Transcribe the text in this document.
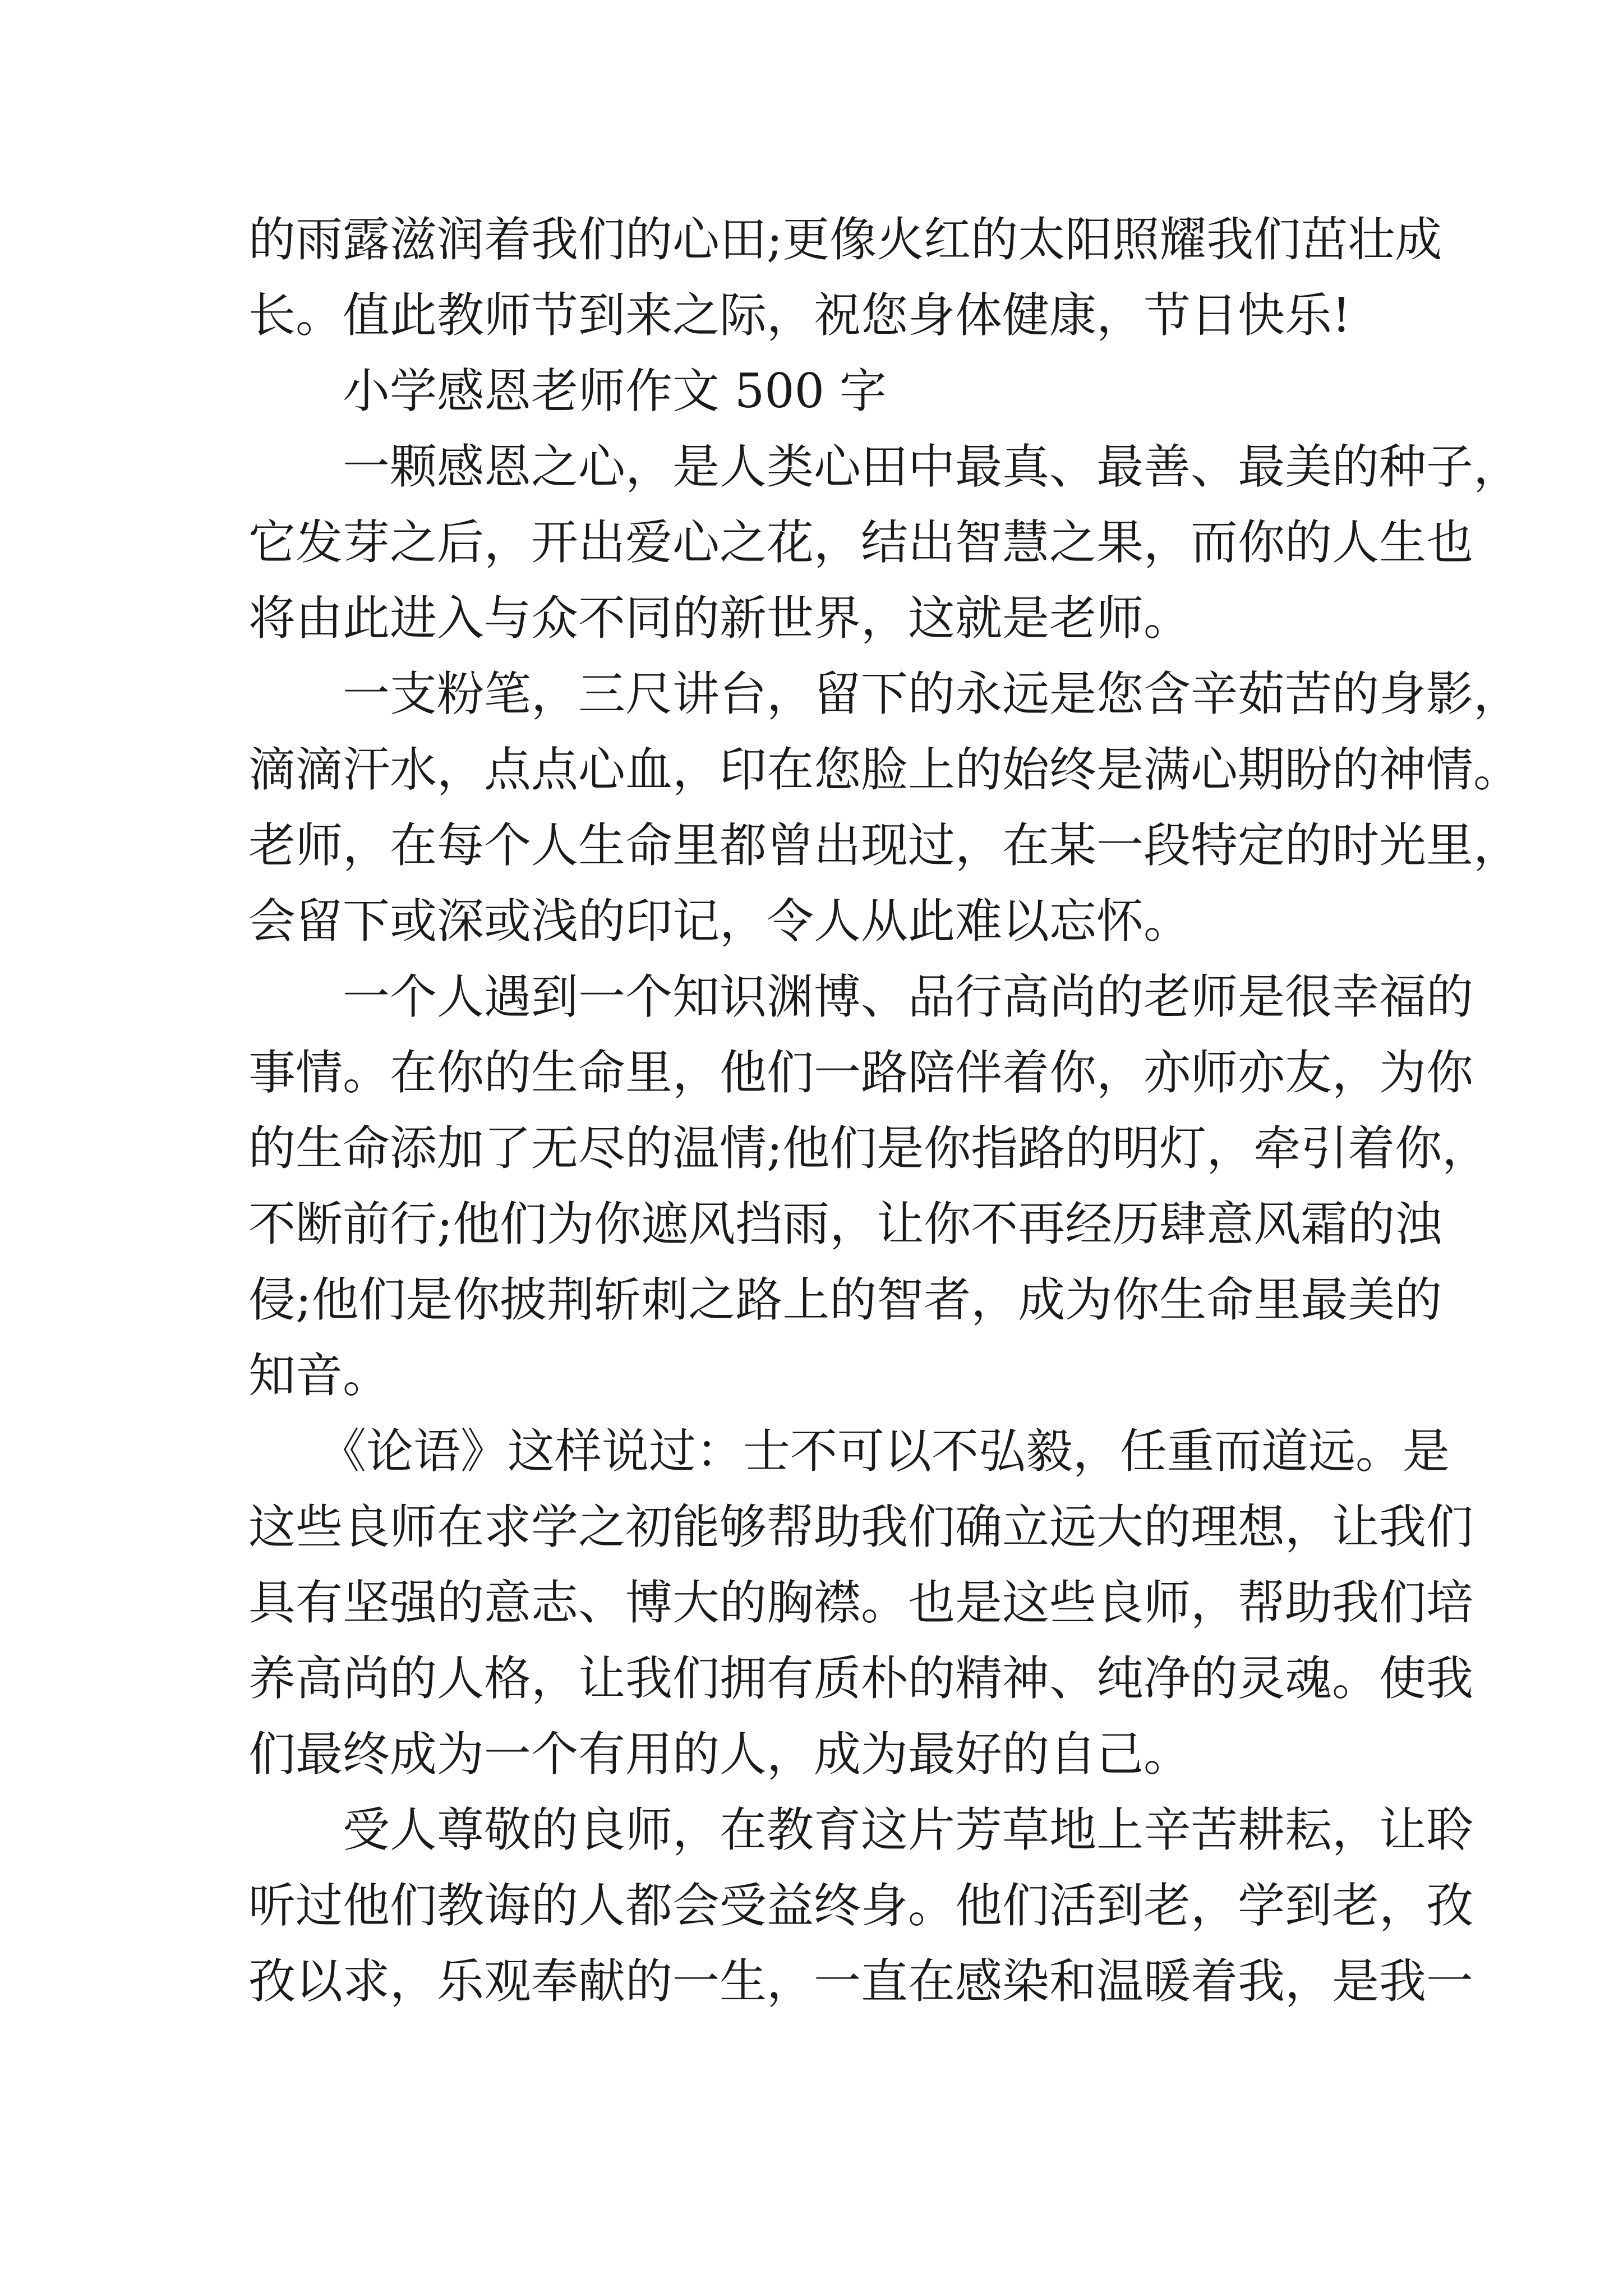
的雨露滋润着我们的心田;更像火红的太阳照耀我们茁壮成
长。值此教师节到来之际，祝您身体健康，节日快乐!
　　小学感恩老师作文 500 字
　　一颗感恩之心，是人类心田中最真、最善、最美的种子，
它发芽之后，开出爱心之花，结出智慧之果，而你的人生也
将由此进入与众不同的新世界，这就是老师。
　　一支粉笔，三尺讲台，留下的永远是您含辛茹苦的身影，
滴滴汗水，点点心血，印在您脸上的始终是满心期盼的神情。
老师，在每个人生命里都曾出现过，在某一段特定的时光里，
会留下或深或浅的印记，令人从此难以忘怀。
　　一个人遇到一个知识渊博、品行高尚的老师是很幸福的
事情。在你的生命里，他们一路陪伴着你，亦师亦友，为你
的生命添加了无尽的温情;他们是你指路的明灯，牵引着你，
不断前行;他们为你遮风挡雨，让你不再经历肆意风霜的浊
侵;他们是你披荆斩刺之路上的智者，成为你生命里最美的
知音。
　　《论语》这样说过：士不可以不弘毅，任重而道远。是
这些良师在求学之初能够帮助我们确立远大的理想，让我们
具有坚强的意志、博大的胸襟。也是这些良师，帮助我们培
养高尚的人格，让我们拥有质朴的精神、纯净的灵魂。使我
们最终成为一个有用的人，成为最好的自己。
　　受人尊敬的良师，在教育这片芳草地上辛苦耕耘，让聆
听过他们教诲的人都会受益终身。他们活到老，学到老，孜
孜以求，乐观奉献的一生，一直在感染和温暖着我，是我一
